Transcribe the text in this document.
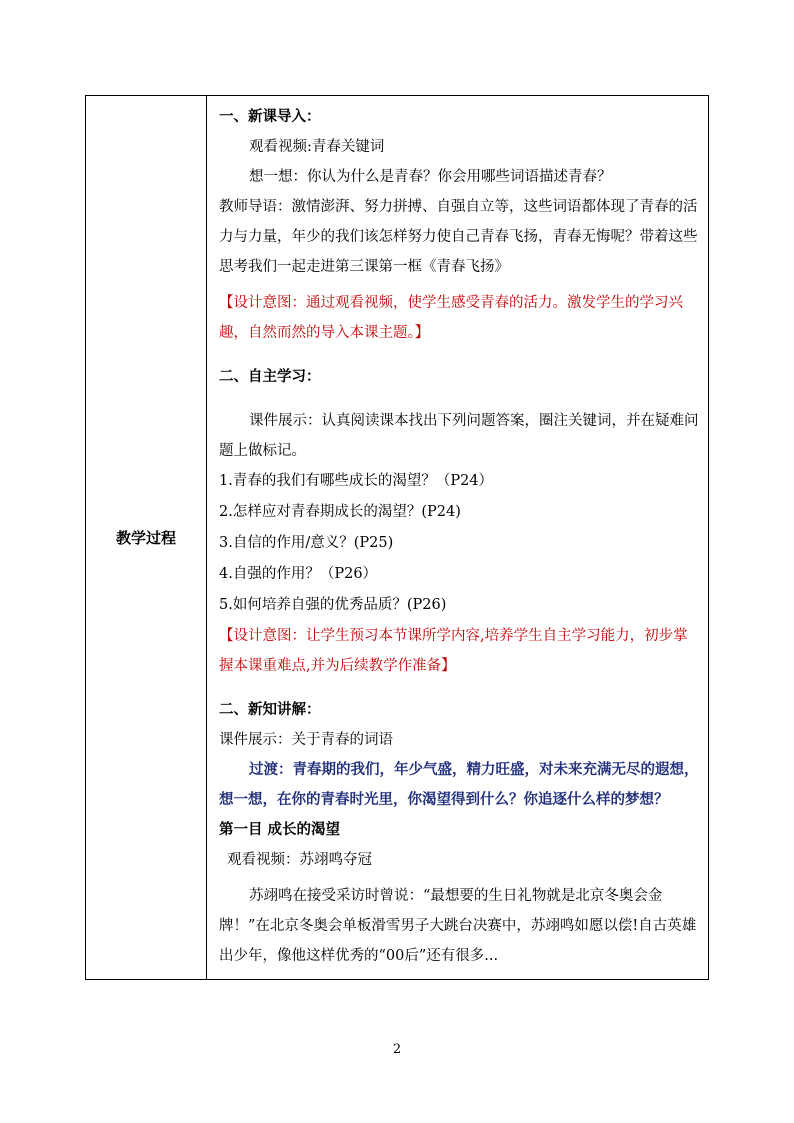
教学过程	

一、新课导入：

观看视频:青春关键词

想一想：你认为什么是青春？你会用哪些词语描述青春？

教师导语：激情澎湃、努力拼搏、自强自立等，这些词语都体现了青春的活力与力量，年少的我们该怎样努力使自己青春飞扬，青春无悔呢？带着这些思考我们一起走进第三课第一框《青春飞扬》

【设计意图：通过观看视频，使学生感受青春的活力。激发学生的学习兴趣，自然而然的导入本课主题。】

二、自主学习：

课件展示：认真阅读课本找出下列问题答案，圈注关键词，并在疑难问题上做标记。

1.青春的我们有哪些成长的渴望？（P24）

2.怎样应对青春期成长的渴望？(P24)

3.自信的作用/意义？(P25)

4.自强的作用？（P26）

5.如何培养自强的优秀品质？(P26)

【设计意图：让学生预习本节课所学内容,培养学生自主学习能力，初步掌握本课重难点,并为后续教学作准备】

二、新知讲解：

课件展示：关于青春的词语

过渡：青春期的我们，年少气盛，精力旺盛，对未来充满无尽的遐想，想一想，在你的青春时光里，你渴望得到什么？你追逐什么样的梦想？

第一目 成长的渴望

观看视频：苏翊鸣夺冠

苏翊鸣在接受采访时曾说：“最想要的生日礼物就是北京冬奥会金牌！”在北京冬奥会单板滑雪男子大跳台决赛中，苏翊鸣如愿以偿!自古英雄出少年，像他这样优秀的“00后”还有很多...

2
